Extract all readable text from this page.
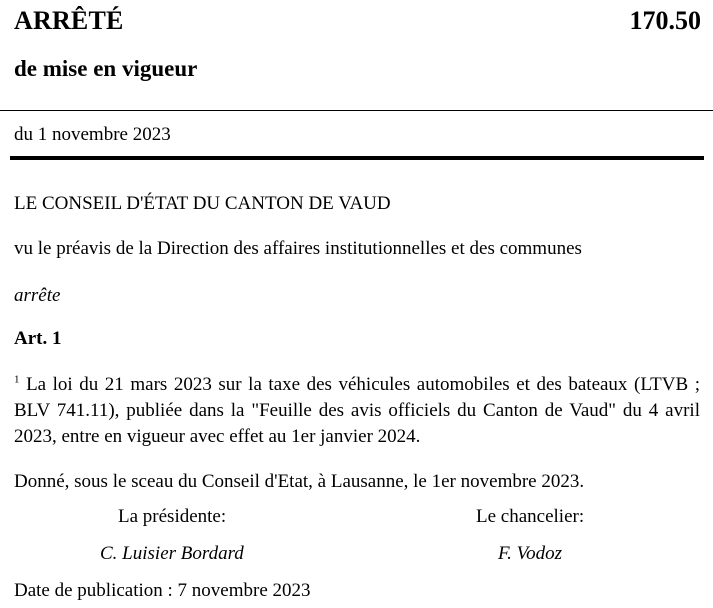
ARRÊTÉ	170.50
de mise en vigueur
du 1 novembre 2023
LE CONSEIL D'ÉTAT DU CANTON DE VAUD
vu le préavis de la Direction des affaires institutionnelles et des communes
arrête
Art. 1
$^1$ La loi du 21 mars 2023 sur la taxe des véhicules automobiles et des bateaux (LTVB ; BLV 741.11), publiée dans la "Feuille des avis officiels du Canton de Vaud" du 4 avril 2023, entre en vigueur avec effet au 1er janvier 2024.
Donné, sous le sceau du Conseil d'Etat, à Lausanne, le 1er novembre 2023.
La présidente:	Le chancelier:
C. Luisier Bordard	F. Vodoz
Date de publication : 7 novembre 2023
